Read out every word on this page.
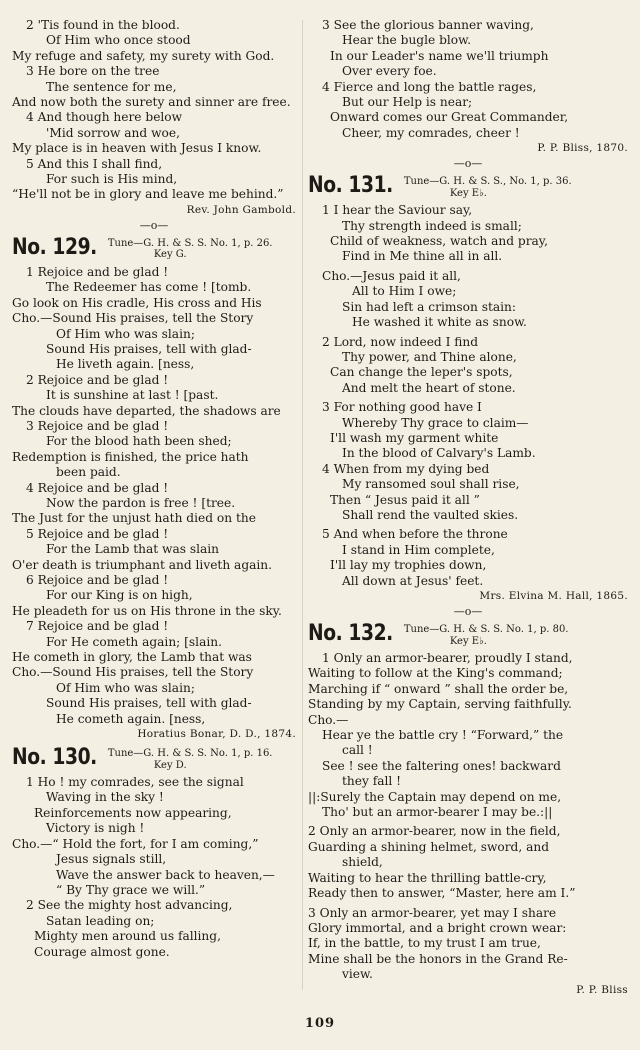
2 'Tis found in the blood.
Of Him who once stood
My refuge and safety, my surety with God.
3 He bore on the tree
The sentence for me,
And now both the surety and sinner are free.
4 And though here below
'Mid sorrow and woe,
My place is in heaven with Jesus I know.
5 And this I shall find,
For such is His mind,
“He'll not be in glory and leave me behind.”
Rev. John Gambold.
—o—
No. 129. Tune—G. H. & S. S. No. 1, p. 26.
Key G.
1 Rejoice and be glad !
The Redeemer has come ! [tomb.
Go look on His cradle, His cross and His
Cho.—Sound His praises, tell the Story
Of Him who was slain;
Sound His praises, tell with glad-
He liveth again. [ness,
2 Rejoice and be glad !
It is sunshine at last ! [past.
The clouds have departed, the shadows are
3 Rejoice and be glad !
For the blood hath been shed;
Redemption is finished, the price hath
been paid.
4 Rejoice and be glad !
Now the pardon is free ! [tree.
The Just for the unjust hath died on the
5 Rejoice and be glad !
For the Lamb that was slain
O'er death is triumphant and liveth again.
6 Rejoice and be glad !
For our King is on high,
He pleadeth for us on His throne in the sky.
7 Rejoice and be glad !
For He cometh again; [slain.
He cometh in glory, the Lamb that was
Cho.—Sound His praises, tell the Story
Of Him who was slain;
Sound His praises, tell with glad-
He cometh again. [ness,
Horatius Bonar, D. D., 1874.
No. 130. Tune—G. H. & S. S. No. 1, p. 16.
Key D.
1 Ho ! my comrades, see the signal
Waving in the sky !
Reinforcements now appearing,
Victory is nigh !
Cho.—“ Hold the fort, for I am coming,”
Jesus signals still,
Wave the answer back to heaven,—
“ By Thy grace we will.”
2 See the mighty host advancing,
Satan leading on;
Mighty men around us falling,
Courage almost gone.
3 See the glorious banner waving,
Hear the bugle blow.
In our Leader's name we'll triumph
Over every foe.
4 Fierce and long the battle rages,
But our Help is near;
Onward comes our Great Commander,
Cheer, my comrades, cheer !
P. P. Bliss, 1870.
—o—
No. 131. Tune—G. H. & S. S., No. 1, p. 36.
Key E♭.
1 I hear the Saviour say,
Thy strength indeed is small;
Child of weakness, watch and pray,
Find in Me thine all in all.
Cho.—Jesus paid it all,
All to Him I owe;
Sin had left a crimson stain:
He washed it white as snow.
2 Lord, now indeed I find
Thy power, and Thine alone,
Can change the leper's spots,
And melt the heart of stone.
3 For nothing good have I
Whereby Thy grace to claim—
I'll wash my garment white
In the blood of Calvary's Lamb.
4 When from my dying bed
My ransomed soul shall rise,
Then “ Jesus paid it all ”
Shall rend the vaulted skies.
5 And when before the throne
I stand in Him complete,
I'll lay my trophies down,
All down at Jesus' feet.
Mrs. Elvina M. Hall, 1865.
—o—
No. 132. Tune—G. H. & S. S. No. 1, p. 80.
Key E♭.
1 Only an armor-bearer, proudly I stand,
Waiting to follow at the King's command;
Marching if “ onward ” shall the order be,
Standing by my Captain, serving faithfully.
Cho.—
Hear ye the battle cry ! “Forward,” the
call !
See ! see the faltering ones! backward
they fall !
||:Surely the Captain may depend on me,
Tho' but an armor-bearer I may be.:||
2 Only an armor-bearer, now in the field,
Guarding a shining helmet, sword, and
shield,
Waiting to hear the thrilling battle-cry,
Ready then to answer, “Master, here am I.”
3 Only an armor-bearer, yet may I share
Glory immortal, and a bright crown wear:
If, in the battle, to my trust I am true,
Mine shall be the honors in the Grand Re-
view.
P. P. Bliss
109
